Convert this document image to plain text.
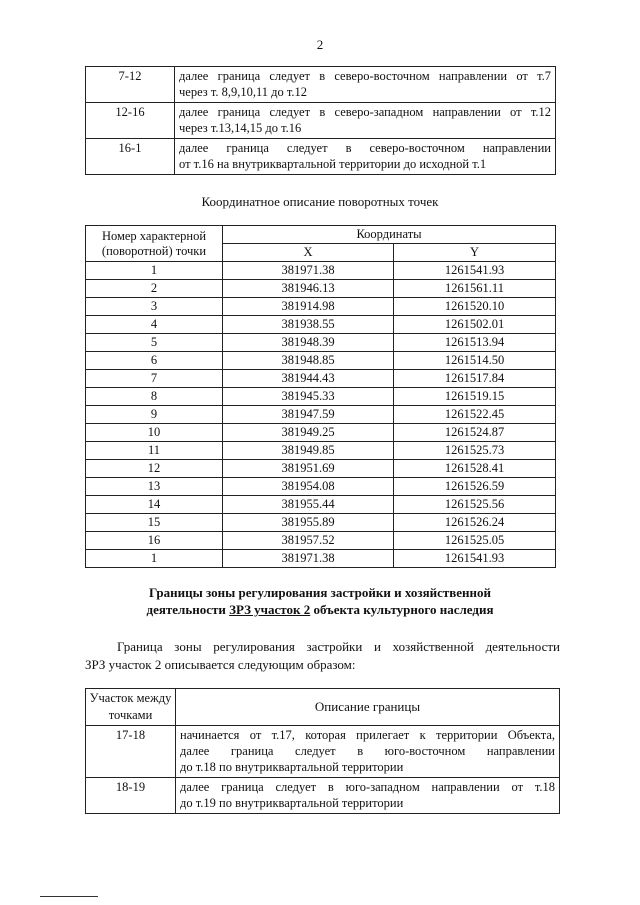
2
7-12	далее граница следует в северо-восточном направлении от т.7
через т. 8,9,10,11 до т.12

12-16	далее граница следует в северо-западном направлении от т.12
через т.13,14,15 до т.16

16-1	далее граница следует в северо-восточном направлении
от т.16 на внутриквартальной территории до исходной т.1
Координатное описание поворотных точек
Номер характерной (поворотной) точки	Координаты	
	X	Y
1	381971.38	1261541.93
2	381946.13	1261561.11
3	381914.98	1261520.10
4	381938.55	1261502.01
5	381948.39	1261513.94
6	381948.85	1261514.50
7	381944.43	1261517.84
8	381945.33	1261519.15
9	381947.59	1261522.45
10	381949.25	1261524.87
11	381949.85	1261525.73
12	381951.69	1261528.41
13	381954.08	1261526.59
14	381955.44	1261525.56
15	381955.89	1261526.24
16	381957.52	1261525.05
1	381971.38	1261541.93
Границы зоны регулирования застройки и хозяйственной
деятельности ЗРЗ участок 2 объекта культурного наследия
Граница зоны регулирования застройки и хозяйственной деятельности
ЗРЗ участок 2 описывается следующим образом:
Участок между точками	Описание границы
17-18	начинается от т.17, которая прилегает к территории Объекта,
далее граница следует в юго-восточном направлении
до т.18 по внутриквартальной территории

18-19	далее граница следует в юго-западном направлении от т.18
до т.19 по внутриквартальной территории
